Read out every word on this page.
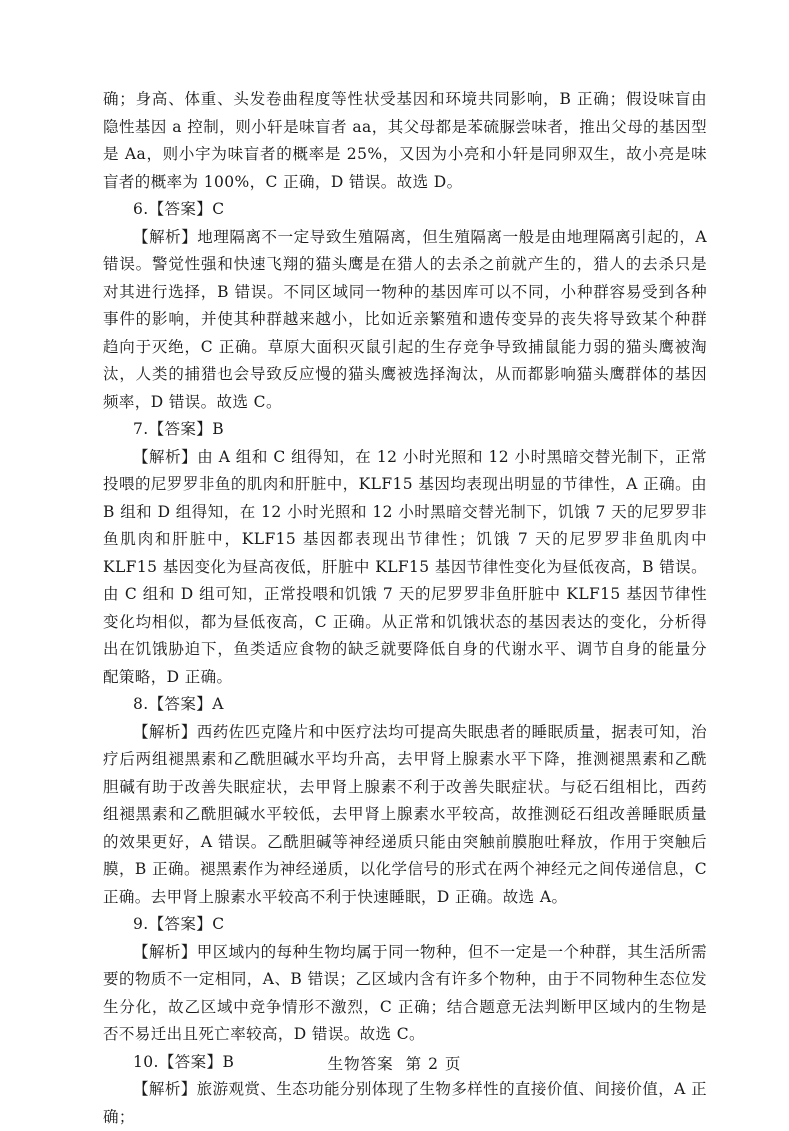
确；身高、体重、头发卷曲程度等性状受基因和环境共同影响，B 正确；假设味盲由隐性基因 a 控制，则小轩是味盲者 aa，其父母都是苯硫脲尝味者，推出父母的基因型是 Aa，则小宇为味盲者的概率是 25%，又因为小亮和小轩是同卵双生，故小亮是味盲者的概率为 100%，C 正确，D 错误。故选 D。

6.【答案】C

【解析】地理隔离不一定导致生殖隔离，但生殖隔离一般是由地理隔离引起的，A 错误。警觉性强和快速飞翔的猫头鹰是在猎人的去杀之前就产生的，猎人的去杀只是对其进行选择，B 错误。不同区域同一物种的基因库可以不同，小种群容易受到各种事件的影响，并使其种群越来越小，比如近亲繁殖和遗传变异的丧失将导致某个种群趋向于灭绝，C 正确。草原大面积灭鼠引起的生存竞争导致捕鼠能力弱的猫头鹰被淘汰，人类的捕猎也会导致反应慢的猫头鹰被选择淘汰，从而都影响猫头鹰群体的基因频率，D 错误。故选 C。

7.【答案】B

【解析】由 A 组和 C 组得知，在 12 小时光照和 12 小时黑暗交替光制下，正常投喂的尼罗罗非鱼的肌肉和肝脏中，KLF15 基因均表现出明显的节律性，A 正确。由 B 组和 D 组得知，在 12 小时光照和 12 小时黑暗交替光制下，饥饿 7 天的尼罗罗非鱼肌肉和肝脏中，KLF15 基因都表现出节律性；饥饿 7 天的尼罗罗非鱼肌肉中 KLF15 基因变化为昼高夜低，肝脏中 KLF15 基因节律性变化为昼低夜高，B 错误。由 C 组和 D 组可知，正常投喂和饥饿 7 天的尼罗罗非鱼肝脏中 KLF15 基因节律性变化均相似，都为昼低夜高，C 正确。从正常和饥饿状态的基因表达的变化，分析得出在饥饿胁迫下，鱼类适应食物的缺乏就要降低自身的代谢水平、调节自身的能量分配策略，D 正确。

8.【答案】A

【解析】西药佐匹克隆片和中医疗法均可提高失眠患者的睡眠质量，据表可知，治疗后两组褪黑素和乙酰胆碱水平均升高，去甲肾上腺素水平下降，推测褪黑素和乙酰胆碱有助于改善失眠症状，去甲肾上腺素不利于改善失眠症状。与砭石组相比，西药组褪黑素和乙酰胆碱水平较低，去甲肾上腺素水平较高，故推测砭石组改善睡眠质量的效果更好，A 错误。乙酰胆碱等神经递质只能由突触前膜胞吐释放，作用于突触后膜，B 正确。褪黑素作为神经递质，以化学信号的形式在两个神经元之间传递信息，C 正确。去甲肾上腺素水平较高不利于快速睡眠，D 正确。故选 A。

9.【答案】C

【解析】甲区域内的每种生物均属于同一物种，但不一定是一个种群，其生活所需要的物质不一定相同，A、B 错误；乙区域内含有许多个物种，由于不同物种生态位发生分化，故乙区域中竞争情形不激烈，C 正确；结合题意无法判断甲区域内的生物是否不易迁出且死亡率较高，D 错误。故选 C。

10.【答案】B

【解析】旅游观赏、生态功能分别体现了生物多样性的直接价值、间接价值，A 正确；

生物答案 第 2 页
